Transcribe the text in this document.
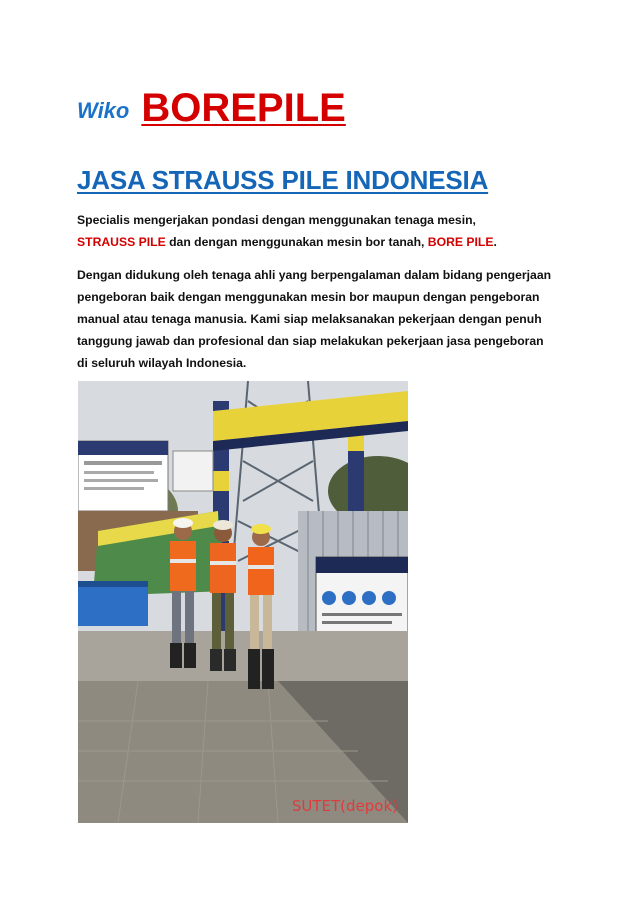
Wiko BOREPILE
JASA STRAUSS PILE INDONESIA
Specialis mengerjakan pondasi dengan menggunakan tenaga mesin,
STRAUSS PILE dan dengan menggunakan mesin bor tanah, BORE PILE.
Dengan didukung oleh tenaga ahli yang berpengalaman dalam bidang pengerjaan pengeboran baik dengan menggunakan mesin bor maupun dengan pengeboran manual atau tenaga manusia. Kami siap melaksanakan pekerjaan dengan penuh tanggung jawab dan profesional dan siap melakukan pekerjaan jasa pengeboran di seluruh wilayah Indonesia.
SUTET(depok)
